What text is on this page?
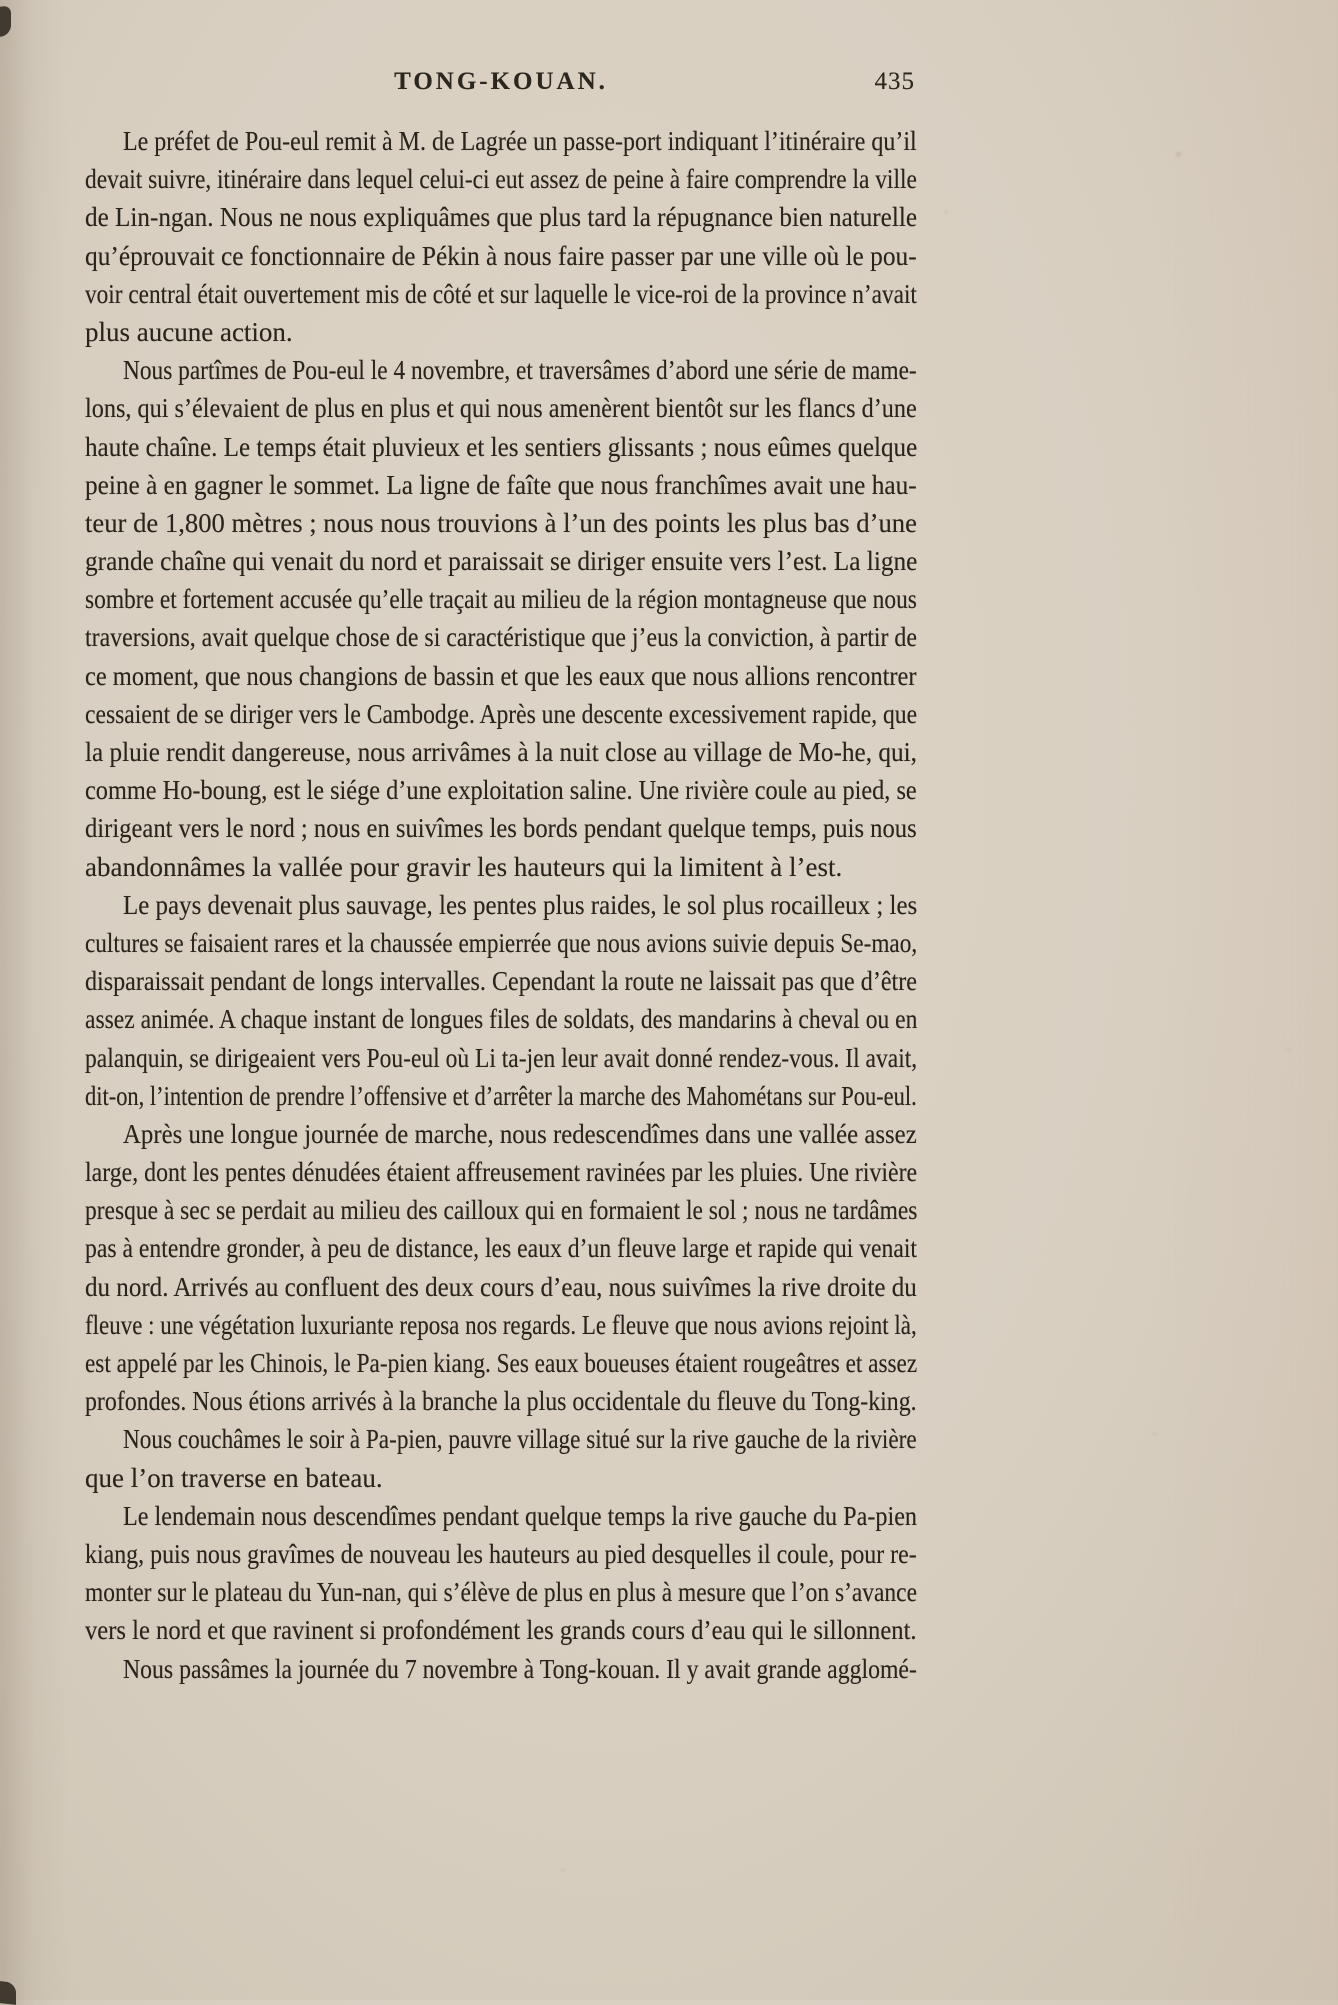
TONG-KOUAN.	435
Le préfet de Pou-eul remit à M. de Lagrée un passe-port indiquant l’itinéraire qu’il
devait suivre, itinéraire dans lequel celui-ci eut assez de peine à faire comprendre la ville
de Lin-ngan. Nous ne nous expliquâmes que plus tard la répugnance bien naturelle
qu’éprouvait ce fonctionnaire de Pékin à nous faire passer par une ville où le pou-
voir central était ouvertement mis de côté et sur laquelle le vice-roi de la province n’avait
plus aucune action.
Nous partîmes de Pou-eul le 4 novembre, et traversâmes d’abord une série de mame-
lons, qui s’élevaient de plus en plus et qui nous amenèrent bientôt sur les flancs d’une
haute chaîne. Le temps était pluvieux et les sentiers glissants ; nous eûmes quelque
peine à en gagner le sommet. La ligne de faîte que nous franchîmes avait une hau-
teur de 1,800 mètres ; nous nous trouvions à l’un des points les plus bas d’une
grande chaîne qui venait du nord et paraissait se diriger ensuite vers l’est. La ligne
sombre et fortement accusée qu’elle traçait au milieu de la région montagneuse que nous
traversions, avait quelque chose de si caractéristique que j’eus la conviction, à partir de
ce moment, que nous changions de bassin et que les eaux que nous allions rencontrer
cessaient de se diriger vers le Cambodge. Après une descente excessivement rapide, que
la pluie rendit dangereuse, nous arrivâmes à la nuit close au village de Mo-he, qui,
comme Ho-boung, est le siége d’une exploitation saline. Une rivière coule au pied, se
dirigeant vers le nord ; nous en suivîmes les bords pendant quelque temps, puis nous
abandonnâmes la vallée pour gravir les hauteurs qui la limitent à l’est.
Le pays devenait plus sauvage, les pentes plus raides, le sol plus rocailleux ; les
cultures se faisaient rares et la chaussée empierrée que nous avions suivie depuis Se-mao,
disparaissait pendant de longs intervalles. Cependant la route ne laissait pas que d’être
assez animée. A chaque instant de longues files de soldats, des mandarins à cheval ou en
palanquin, se dirigeaient vers Pou-eul où Li ta-jen leur avait donné rendez-vous. Il avait,
dit-on, l’intention de prendre l’offensive et d’arrêter la marche des Mahométans sur Pou-eul.
Après une longue journée de marche, nous redescendîmes dans une vallée assez
large, dont les pentes dénudées étaient affreusement ravinées par les pluies. Une rivière
presque à sec se perdait au milieu des cailloux qui en formaient le sol ; nous ne tardâmes
pas à entendre gronder, à peu de distance, les eaux d’un fleuve large et rapide qui venait
du nord. Arrivés au confluent des deux cours d’eau, nous suivîmes la rive droite du
fleuve : une végétation luxuriante reposa nos regards. Le fleuve que nous avions rejoint là,
est appelé par les Chinois, le Pa-pien kiang. Ses eaux boueuses étaient rougeâtres et assez
profondes. Nous étions arrivés à la branche la plus occidentale du fleuve du Tong-king.
Nous couchâmes le soir à Pa-pien, pauvre village situé sur la rive gauche de la rivière
que l’on traverse en bateau.
Le lendemain nous descendîmes pendant quelque temps la rive gauche du Pa-pien
kiang, puis nous gravîmes de nouveau les hauteurs au pied desquelles il coule, pour re-
monter sur le plateau du Yun-nan, qui s’élève de plus en plus à mesure que l’on s’avance
vers le nord et que ravinent si profondément les grands cours d’eau qui le sillonnent.
Nous passâmes la journée du 7 novembre à Tong-kouan. Il y avait grande agglomé-
